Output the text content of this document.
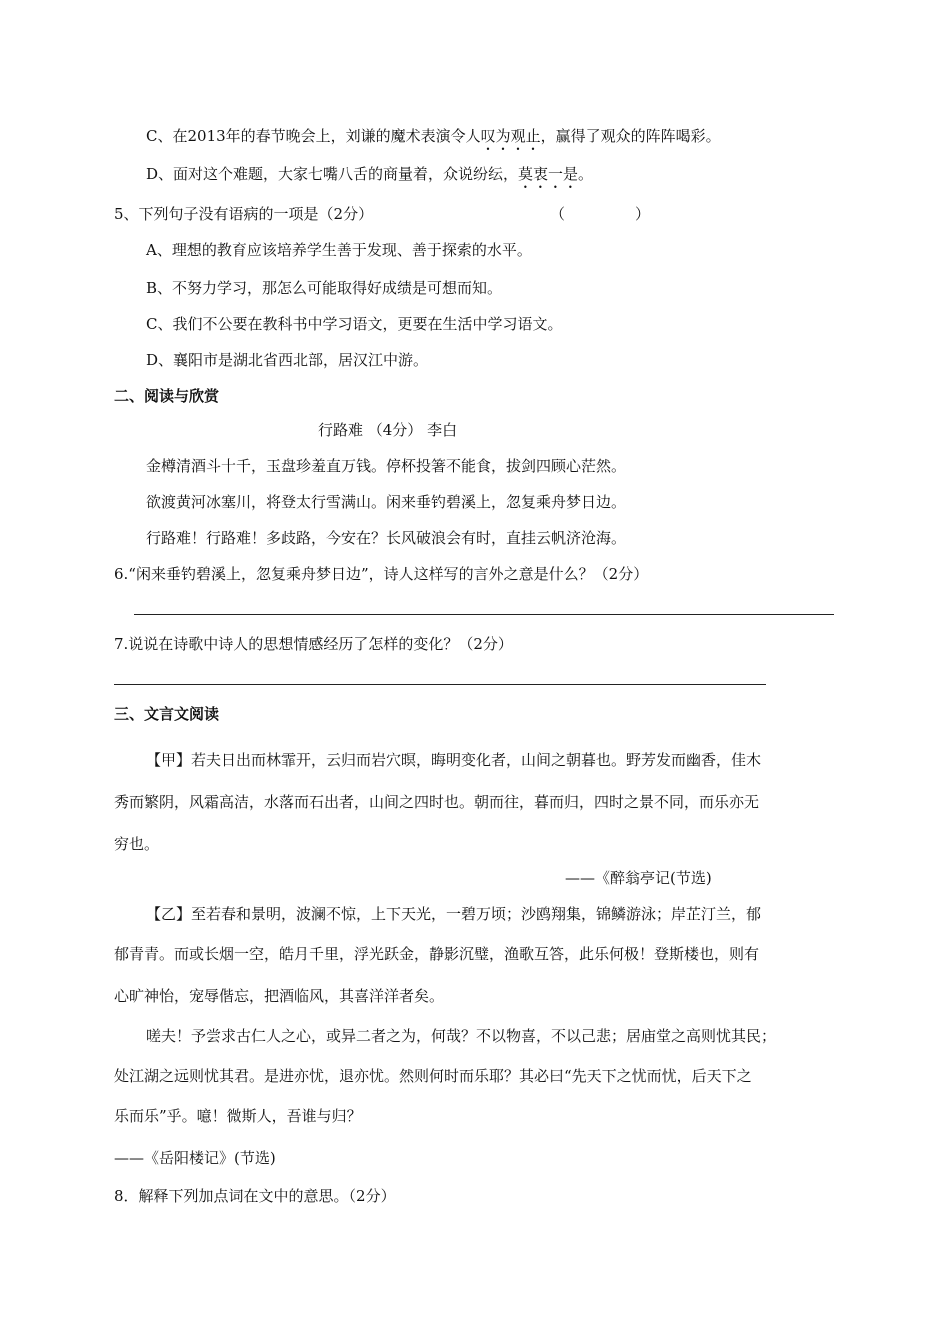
C、在2013年的春节晚会上，刘谦的魔术表演令人叹为观止，赢得了观众的阵阵喝彩。
D、面对这个难题，大家七嘴八舌的商量着，众说纷纭，莫衷一是。
5、下列句子没有语病的一项是（2分）	（	）
A、理想的教育应该培养学生善于发现、善于探索的水平。
B、不努力学习，那怎么可能取得好成绩是可想而知。
C、我们不公要在教科书中学习语文，更要在生活中学习语文。
D、襄阳市是湖北省西北部，居汉江中游。
二、阅读与欣赏
行路难 （4分） 李白
金樽清酒斗十千，玉盘珍羞直万钱。停杯投箸不能食，拔剑四顾心茫然。
欲渡黄河冰塞川，将登太行雪满山。闲来垂钓碧溪上，忽复乘舟梦日边。
行路难！行路难！多歧路，今安在？长风破浪会有时，直挂云帆济沧海。
6.“闲来垂钓碧溪上，忽复乘舟梦日边”，诗人这样写的言外之意是什么？（2分）
7.说说在诗歌中诗人的思想情感经历了怎样的变化？（2分）
三、文言文阅读
【甲】若夫日出而林霏开，云归而岩穴暝，晦明变化者，山间之朝暮也。野芳发而幽香，佳木
秀而繁阴，风霜高洁，水落而石出者，山间之四时也。朝而往，暮而归，四时之景不同，而乐亦无
穷也。
——《醉翁亭记(节选)
【乙】至若春和景明，波澜不惊，上下天光，一碧万顷；沙鸥翔集，锦鳞游泳；岸芷汀兰，郁
郁青青。而或长烟一空，皓月千里，浮光跃金，静影沉璧，渔歌互答，此乐何极！登斯楼也，则有
心旷神怡，宠辱偕忘，把酒临风，其喜洋洋者矣。
嗟夫！予尝求古仁人之心，或异二者之为，何哉？不以物喜，不以己悲；居庙堂之高则忧其民；
处江湖之远则忧其君。是进亦忧，退亦忧。然则何时而乐耶？其必曰“先天下之忧而忧，后天下之
乐而乐”乎。噫！微斯人，吾谁与归？
——《岳阳楼记》(节选)
8．解释下列加点词在文中的意思。（2分）
